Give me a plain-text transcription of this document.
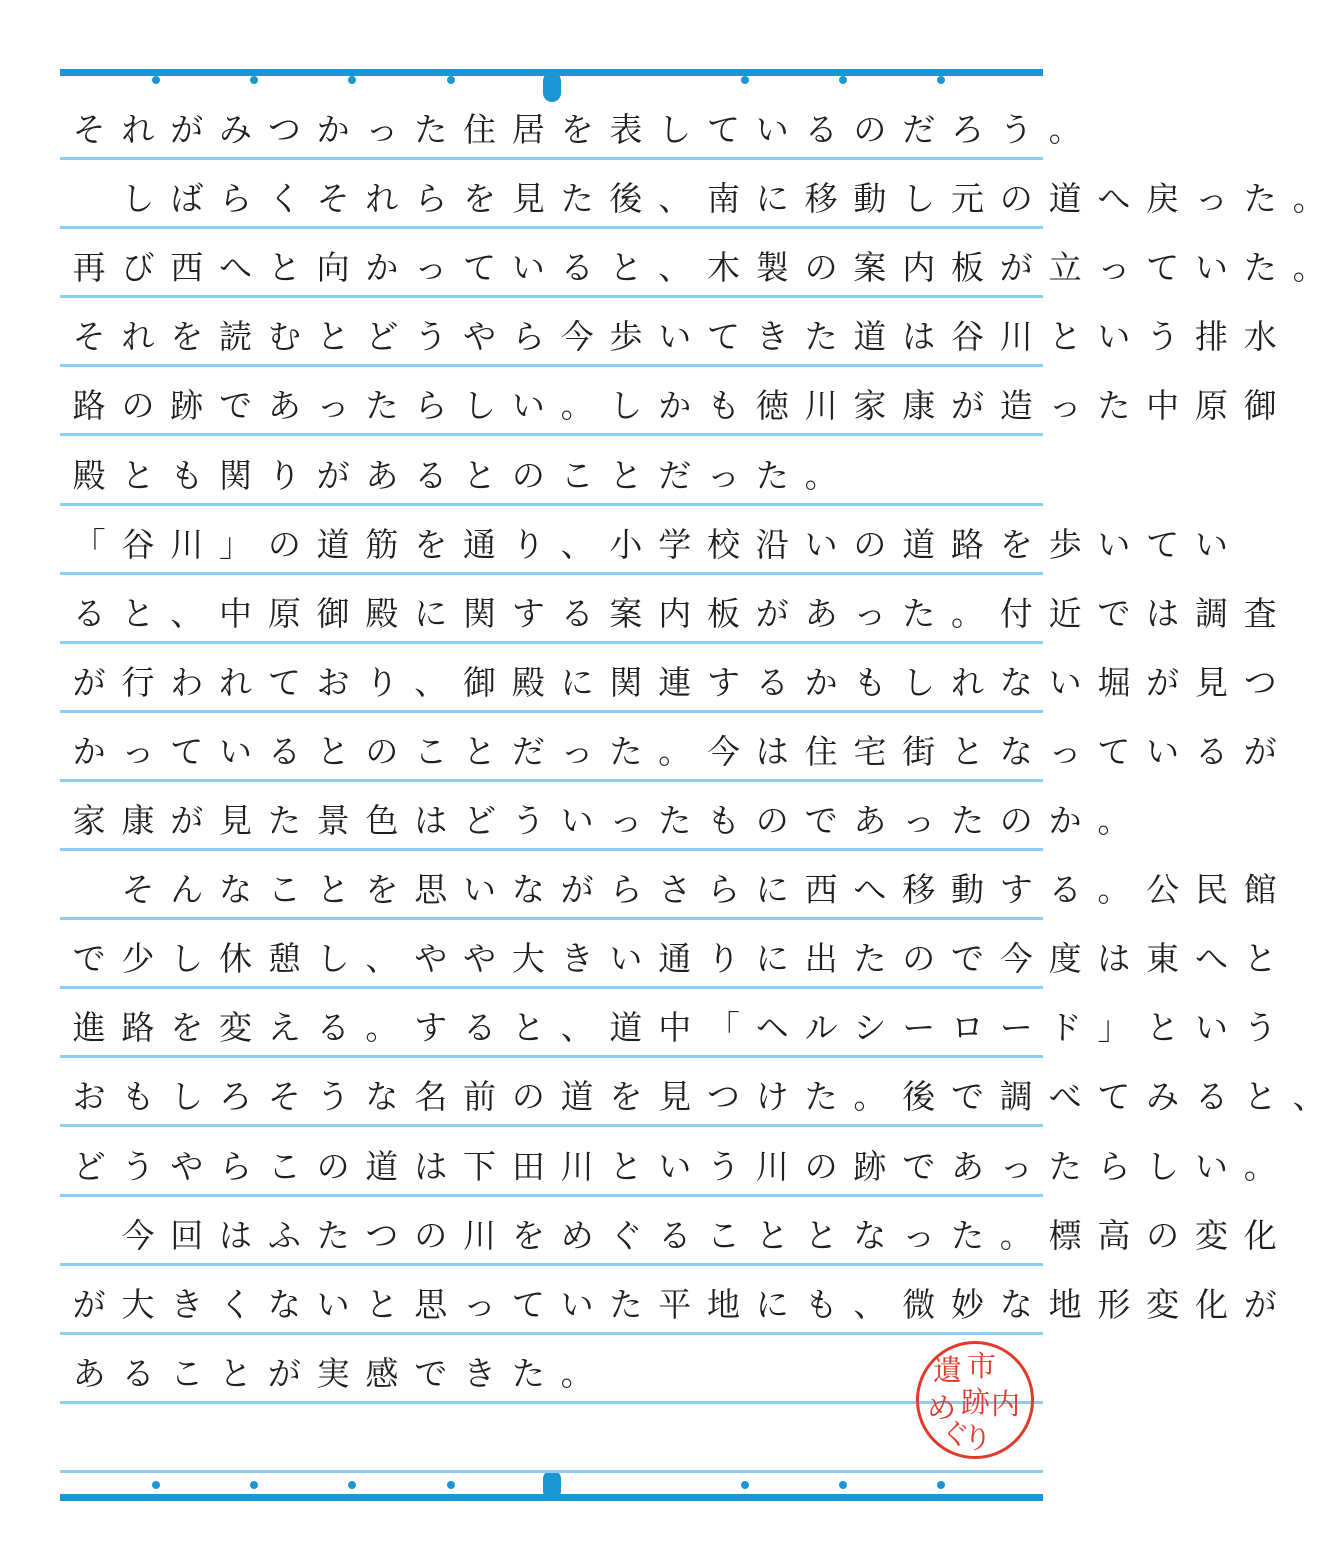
そ れ が み つ か っ た 住 居 を 表 し て い る の だ ろ う 。
　し ば ら く そ れ ら を 見 た 後 、 南 に 移 動 し 元 の 道 へ 戻 っ た 。
再 び 西 へ と 向 か っ て い る と 、 木 製 の 案 内 板 が 立 っ て い た 。
そ れ を 読 む と ど う や ら 今 歩 い て き た 道 は 谷 川 と い う 排 水
路 の 跡 で あ っ た ら し い 。 し か も 徳 川 家 康 が 造 っ た 中 原 御
殿 と も 関 り が あ る と の こ と だ っ た 。
「 谷 川 」 の 道 筋 を 通 り 、 小 学 校 沿 い の 道 路 を 歩 い て い
る と 、 中 原 御 殿 に 関 す る 案 内 板 が あ っ た 。 付 近 で は 調 査
が 行 わ れ て お り 、 御 殿 に 関 連 す る か も し れ な い 堀 が 見 つ
か っ て い る と の こ と だ っ た 。 今 は 住 宅 街 と な っ て い る が
家 康 が 見 た 景 色 は ど う い っ た も の で あ っ た の か 。
　そ ん な こ と を 思 い な が ら さ ら に 西 へ 移 動 す る 。 公 民 館
で 少 し 休 憩 し 、 や や 大 き い 通 り に 出 た の で 今 度 は 東 へ と
進 路 を 変 え る 。 す る と 、 道 中 「 ヘ ル シ ー ロ ー ド 」 と い う
お も し ろ そ う な 名 前 の 道 を 見 つ け た 。 後 で 調 べ て み る と 、
ど う や ら こ の 道 は 下 田 川 と い う 川 の 跡 で あ っ た ら し い 。
　今 回 は ふ た つ の 川 を め ぐ る こ と と な っ た 。 標 高 の 変 化
が 大 き く な い と 思 っ て い た 平 地 に も 、 微 妙 な 地 形 変 化 が
あ る こ と が 実 感 で き た 。	遺 市
内
跡
め
ぐ
り
